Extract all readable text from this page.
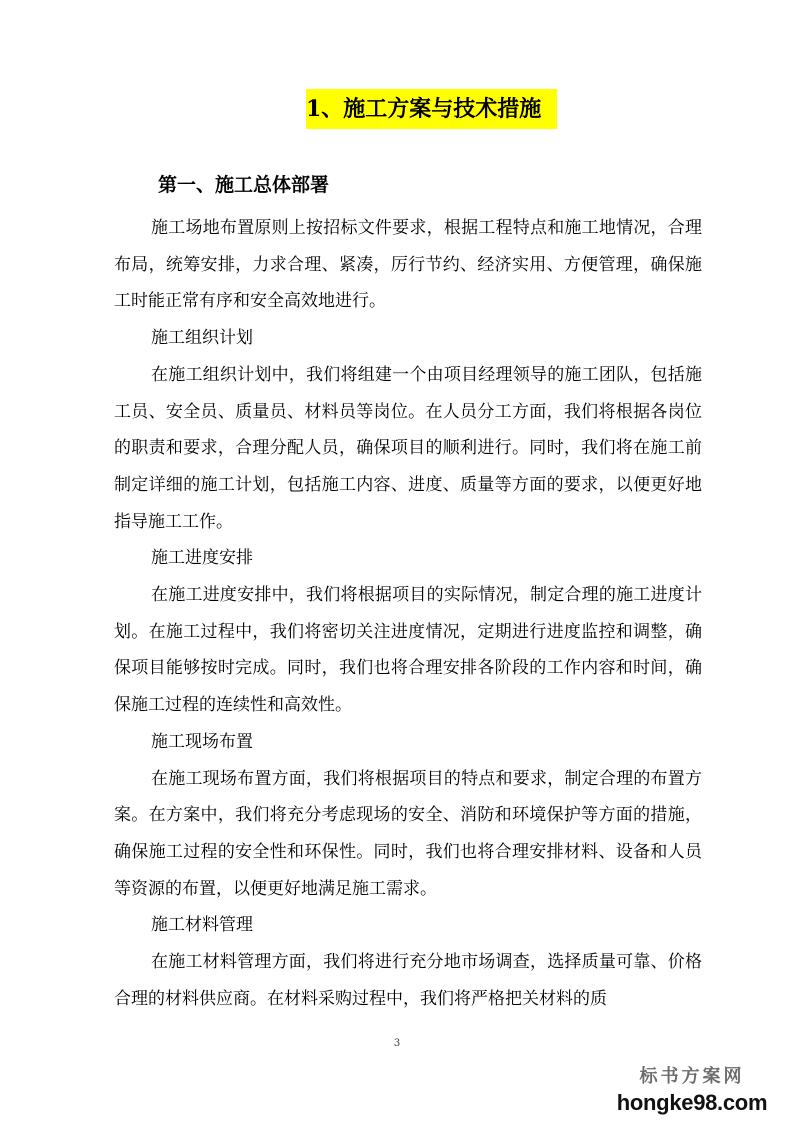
1、施工方案与技术措施
第一、施工总体部署

施工场地布置原则上按招标文件要求，根据工程特点和施工地情况，合理布局，统筹安排，力求合理、紧凑，厉行节约、经济实用、方便管理，确保施工时能正常有序和安全高效地进行。

施工组织计划

在施工组织计划中，我们将组建一个由项目经理领导的施工团队，包括施工员、安全员、质量员、材料员等岗位。在人员分工方面，我们将根据各岗位的职责和要求，合理分配人员，确保项目的顺利进行。同时，我们将在施工前制定详细的施工计划，包括施工内容、进度、质量等方面的要求，以便更好地指导施工工作。

施工进度安排

在施工进度安排中，我们将根据项目的实际情况，制定合理的施工进度计划。在施工过程中，我们将密切关注进度情况，定期进行进度监控和调整，确保项目能够按时完成。同时，我们也将合理安排各阶段的工作内容和时间，确保施工过程的连续性和高效性。

施工现场布置

在施工现场布置方面，我们将根据项目的特点和要求，制定合理的布置方案。在方案中，我们将充分考虑现场的安全、消防和环境保护等方面的措施，确保施工过程的安全性和环保性。同时，我们也将合理安排材料、设备和人员等资源的布置，以便更好地满足施工需求。

施工材料管理

在施工材料管理方面，我们将进行充分地市场调查，选择质量可靠、价格合理的材料供应商。在材料采购过程中，我们将严格把关材料的质

3
标书方案网
hongke98.com
